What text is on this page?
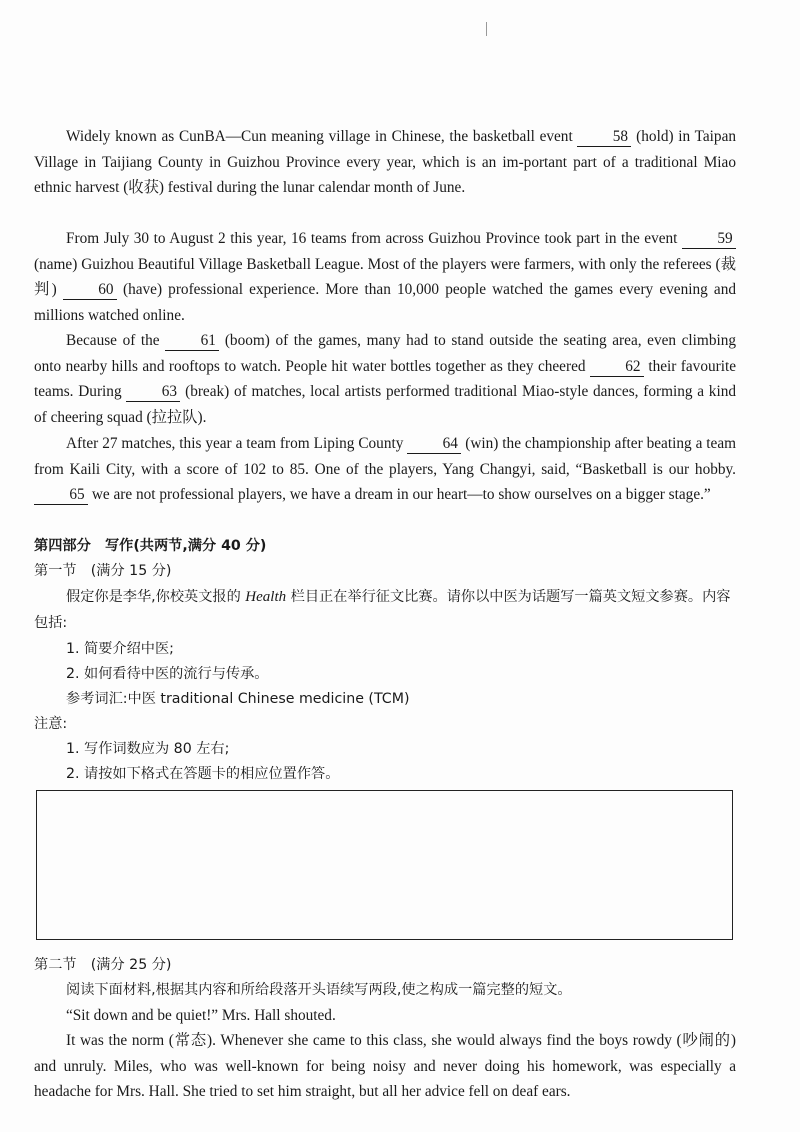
Widely known as CunBA—Cun meaning village in Chinese, the basketball event	58 (hold) in Taipan Village in Taijiang County in Guizhou Province every year, which is an im-portant part of a traditional Miao ethnic harvest (收获) festival during the lunar calendar month of June.

From July 30 to August 2 this year, 16 teams from across Guizhou Province took part in the event	59 (name) Guizhou Beautiful Village Basketball League. Most of the players were farmers, with only the referees (裁判)	60 (have) professional experience. More than 10,000 people watched the games every evening and millions watched online.

Because of the	61 (boom) of the games, many had to stand outside the seating area, even climbing onto nearby hills and rooftops to watch. People hit water bottles together as they cheered	62 their favourite teams. During	63 (break) of matches, local artists performed traditional Miao-style dances, forming a kind of cheering squad (拉拉队).

After 27 matches, this year a team from Liping County	64 (win) the championship after beating a team from Kaili City, with a score of 102 to 85. One of the players, Yang Changyi, said, “Basketball is our hobby. 65 we are not professional players, we have a dream in our heart—to show ourselves on a bigger stage.”

第四部分　写作(共两节,满分 40 分)

第一节　(满分 15 分)

假定你是李华,你校英文报的 Health 栏目正在举行征文比赛。请你以中医为话题写一篇英文短文参赛。内容包括:

1. 简要介绍中医;

2. 如何看待中医的流行与传承。

参考词汇:中医 traditional Chinese medicine (TCM)

注意:

1. 写作词数应为 80 左右;

2. 请按如下格式在答题卡的相应位置作答。

第二节　(满分 25 分)

阅读下面材料,根据其内容和所给段落开头语续写两段,使之构成一篇完整的短文。

“Sit down and be quiet!” Mrs. Hall shouted.

It was the norm (常态). Whenever she came to this class, she would always find the boys rowdy (吵闹的) and unruly. Miles, who was well-known for being noisy and never doing his homework, was especially a headache for Mrs. Hall. She tried to set him straight, but all her advice fell on deaf ears.
